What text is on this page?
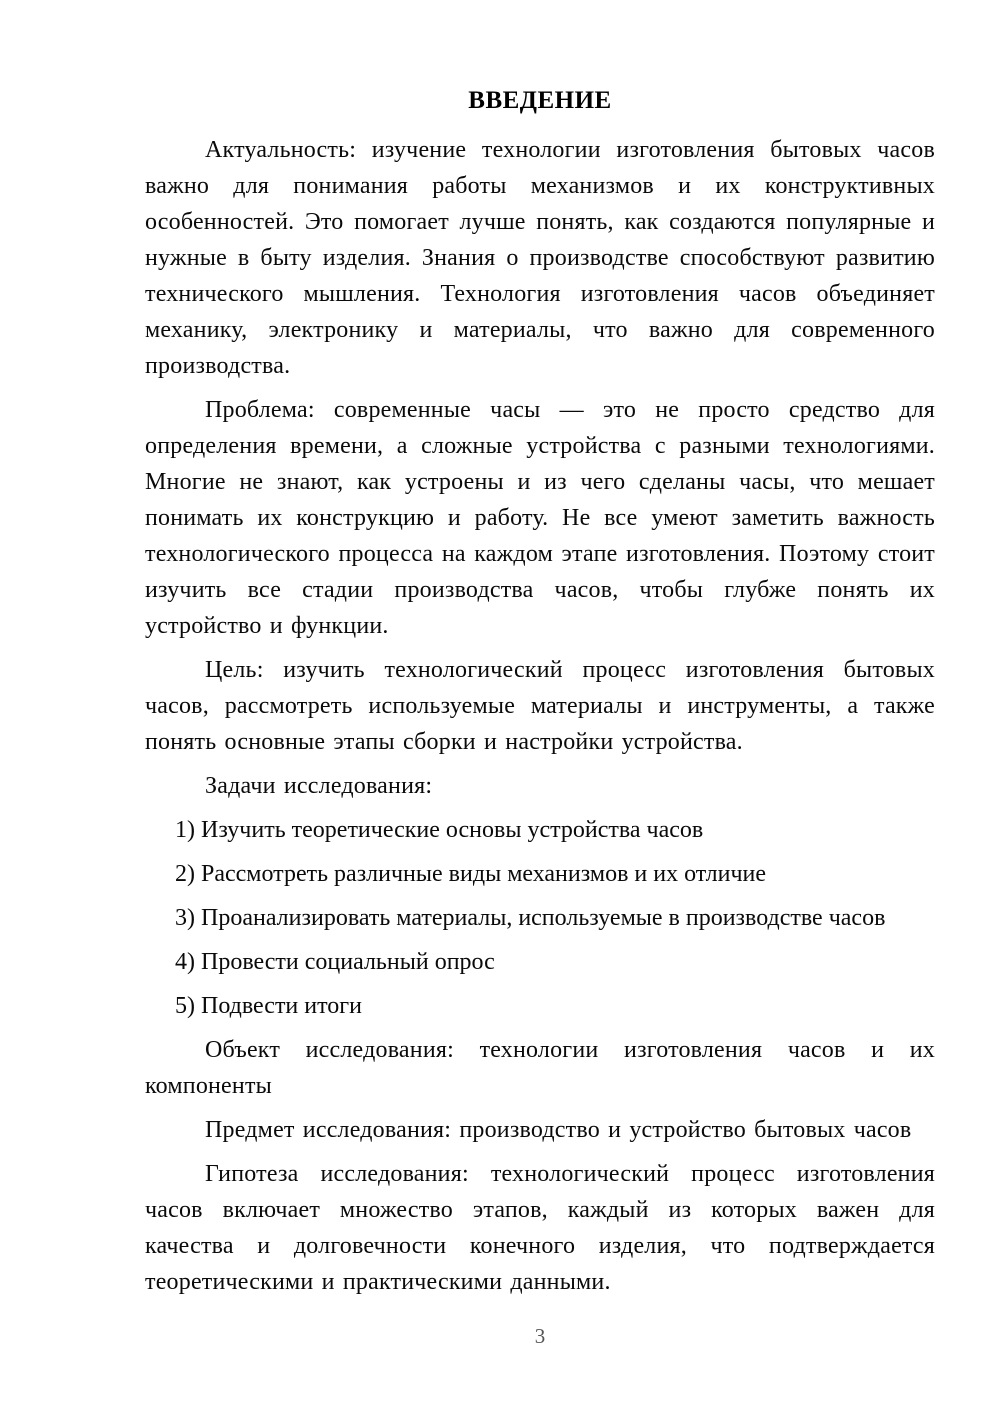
ВВЕДЕНИЕ

Актуальность: изучение технологии изготовления бытовых часов важно для понимания работы механизмов и их конструктивных особенностей. Это помогает лучше понять, как создаются популярные и нужные в быту изделия. Знания о производстве способствуют развитию технического мышления. Технология изготовления часов объединяет механику, электронику и материалы, что важно для современного производства.

Проблема: современные часы — это не просто средство для определения времени, а сложные устройства с разными технологиями. Многие не знают, как устроены и из чего сделаны часы, что мешает понимать их конструкцию и работу. Не все умеют заметить важность технологического процесса на каждом этапе изготовления. Поэтому стоит изучить все стадии производства часов, чтобы глубже понять их устройство и функции.

Цель: изучить технологический процесс изготовления бытовых часов, рассмотреть используемые материалы и инструменты, а также понять основные этапы сборки и настройки устройства.

Задачи исследования:

1) Изучить теоретические основы устройства часов

2) Рассмотреть различные виды механизмов и их отличие

3) Проанализировать материалы, используемые в производстве часов

4) Провести социальный опрос

5) Подвести итоги

Объект исследования: технологии изготовления часов и их компоненты

Предмет исследования: производство и устройство бытовых часов

Гипотеза исследования: технологический процесс изготовления часов включает множество этапов, каждый из которых важен для качества и долговечности конечного изделия, что подтверждается теоретическими и практическими данными.

3
